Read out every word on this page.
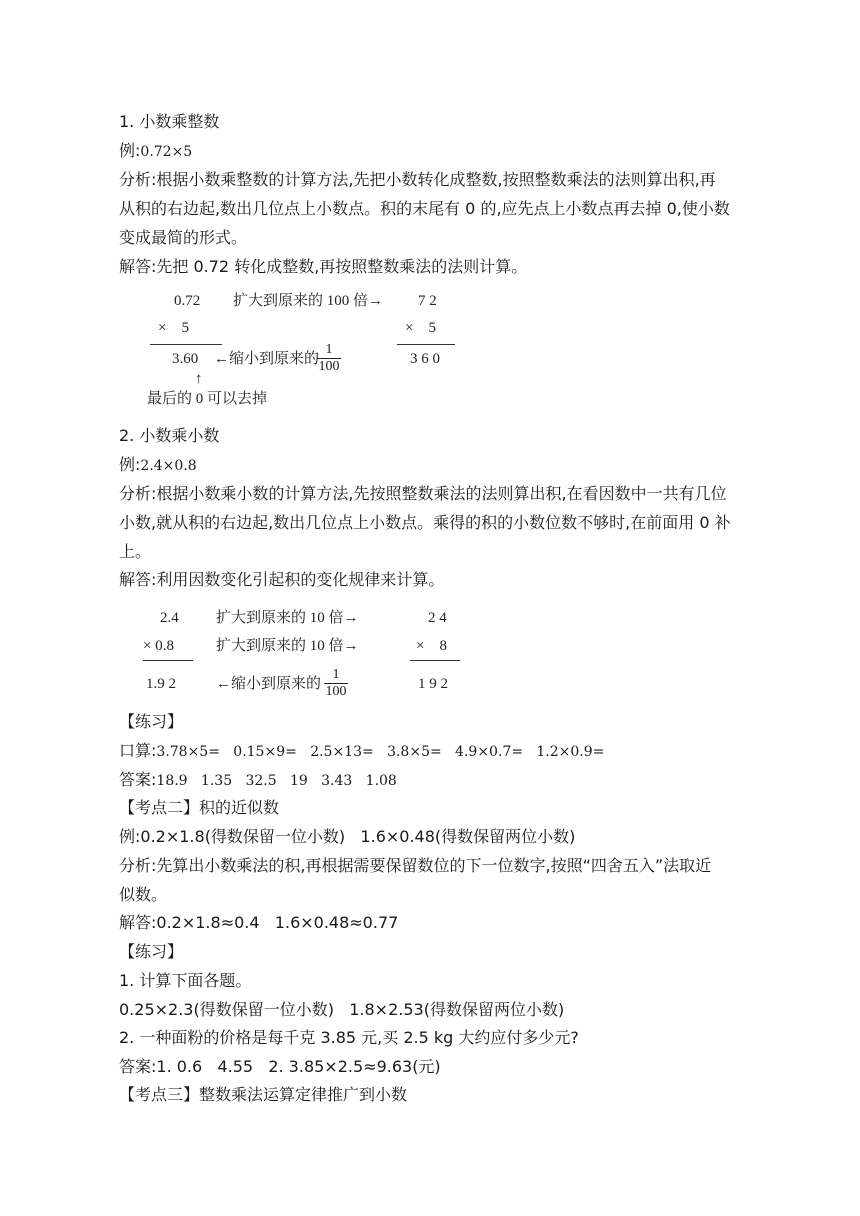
1. 小数乘整数
例:0.72×5
分析:根据小数乘整数的计算方法,先把小数转化成整数,按照整数乘法的法则算出积,再
从积的右边起,数出几位点上小数点。积的末尾有 0 的,应先点上小数点再去掉 0,使小数
变成最简的形式。
解答:先把 0.72 转化成整数,再按照整数乘法的法则计算。
0.72 扩大到原来的 100 倍→ 7 2
×    5	×    5
3.60 ←缩小到原来的
1
100	3 6 0
↑
最后的 0 可以去掉
2. 小数乘小数
例:2.4×0.8
分析:根据小数乘小数的计算方法,先按照整数乘法的法则算出积,在看因数中一共有几位
小数,就从积的右边起,数出几位点上小数点。乘得的积的小数位数不够时,在前面用 0 补
上。
解答:利用因数变化引起积的变化规律来计算。
2.4 扩大到原来的 10 倍→	2 4
× 0.8	扩大到原来的 10 倍→	×    8
1.9 2	←缩小到原来的
1
100	1 9 2
【练习】
口算:3.78×5=   0.15×9=   2.5×13=   3.8×5=   4.9×0.7=   1.2×0.9=
答案:18.9   1.35   32.5   19   3.43   1.08
【考点二】积的近似数
例:0.2×1.8(得数保留一位小数)   1.6×0.48(得数保留两位小数)
分析:先算出小数乘法的积,再根据需要保留数位的下一位数字,按照“四舍五入”法取近
似数。
解答:0.2×1.8≈0.4   1.6×0.48≈0.77
【练习】
1. 计算下面各题。
0.25×2.3(得数保留一位小数)   1.8×2.53(得数保留两位小数)
2. 一种面粉的价格是每千克 3.85 元,买 2.5 kg 大约应付多少元?
答案:1. 0.6   4.55   2. 3.85×2.5≈9.63(元)
【考点三】整数乘法运算定律推广到小数
